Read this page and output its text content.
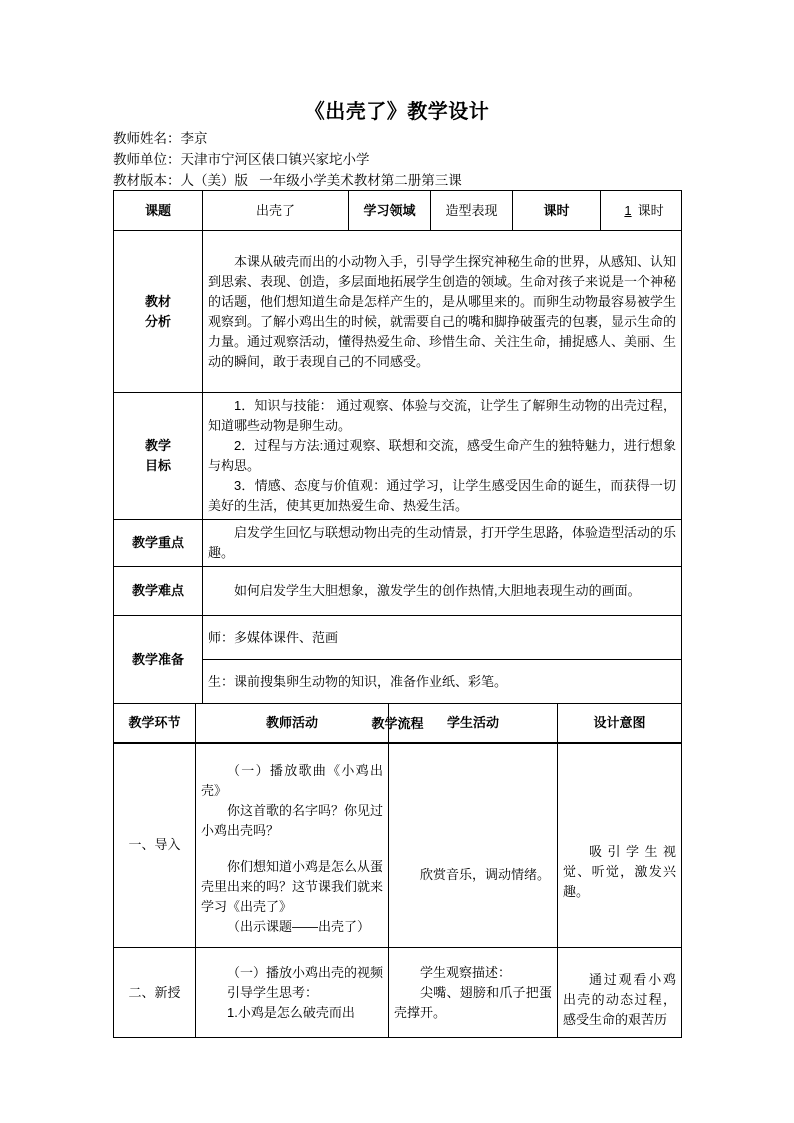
《出壳了》教学设计
教师姓名：李京
教师单位：天津市宁河区俵口镇兴家坨小学
教材版本：人（美）版   一年级小学美术教材第二册第三课
课题	出壳了	学习领域	造型表现	课时	1 课时

教材
分析	本课从破壳而出的小动物入手，引导学生探究神秘生命的世界，从感知、认知到思索、表现、创造，多层面地拓展学生创造的领域。生命对孩子来说是一个神秘的话题，他们想知道生命是怎样产生的，是从哪里来的。而卵生动物最容易被学生观察到。了解小鸡出生的时候，就需要自己的嘴和脚挣破蛋壳的包裹，显示生命的力量。通过观察活动，懂得热爱生命、珍惜生命、关注生命，捕捉感人、美丽、生动的瞬间，敢于表现自己的不同感受。				

教学
目标

1．知识与技能： 通过观察、体验与交流，让学生了解卵生动物的出壳过程，知道哪些动物是卵生动。
2．过程与方法:通过观察、联想和交流，感受生命产生的独特魅力，进行想象与构思。
3．情感、态度与价值观：通过学习，让学生感受因生命的诞生，而获得一切美好的生活，使其更加热爱生命、热爱生活。

教学重点	启发学生回忆与联想动物出壳的生动情景，打开学生思路，体验造型活动的乐趣。				

教学难点	如何启发学生大胆想象，激发学生的创作热情,大胆地表现生动的画面。				

教学准备	师：多媒体课件、范画				
	生：课前搜集卵生动物的知识，准备作业纸、彩笔。				
教学流程					
教学环节	教师活动	学生活动	设计意图
一、导入	（一）播放歌曲《小鸡出壳》
你这首歌的名字吗？你见过小鸡出壳吗？
你们想知道小鸡是怎么从蛋壳里出来的吗？这节课我们就来学习《出壳了》
（出示课题——出壳了）	欣赏音乐，调动情绪。	吸引学生视觉、听觉，激发兴趣。

二、新授	（一）播放小鸡出壳的视频
引导学生思考：
1.小鸡是怎么破壳而出	学生观察描述：
尖嘴、翅膀和爪子把蛋壳撑开。	通过观看小鸡出壳的动态过程，感受生命的艰苦历
